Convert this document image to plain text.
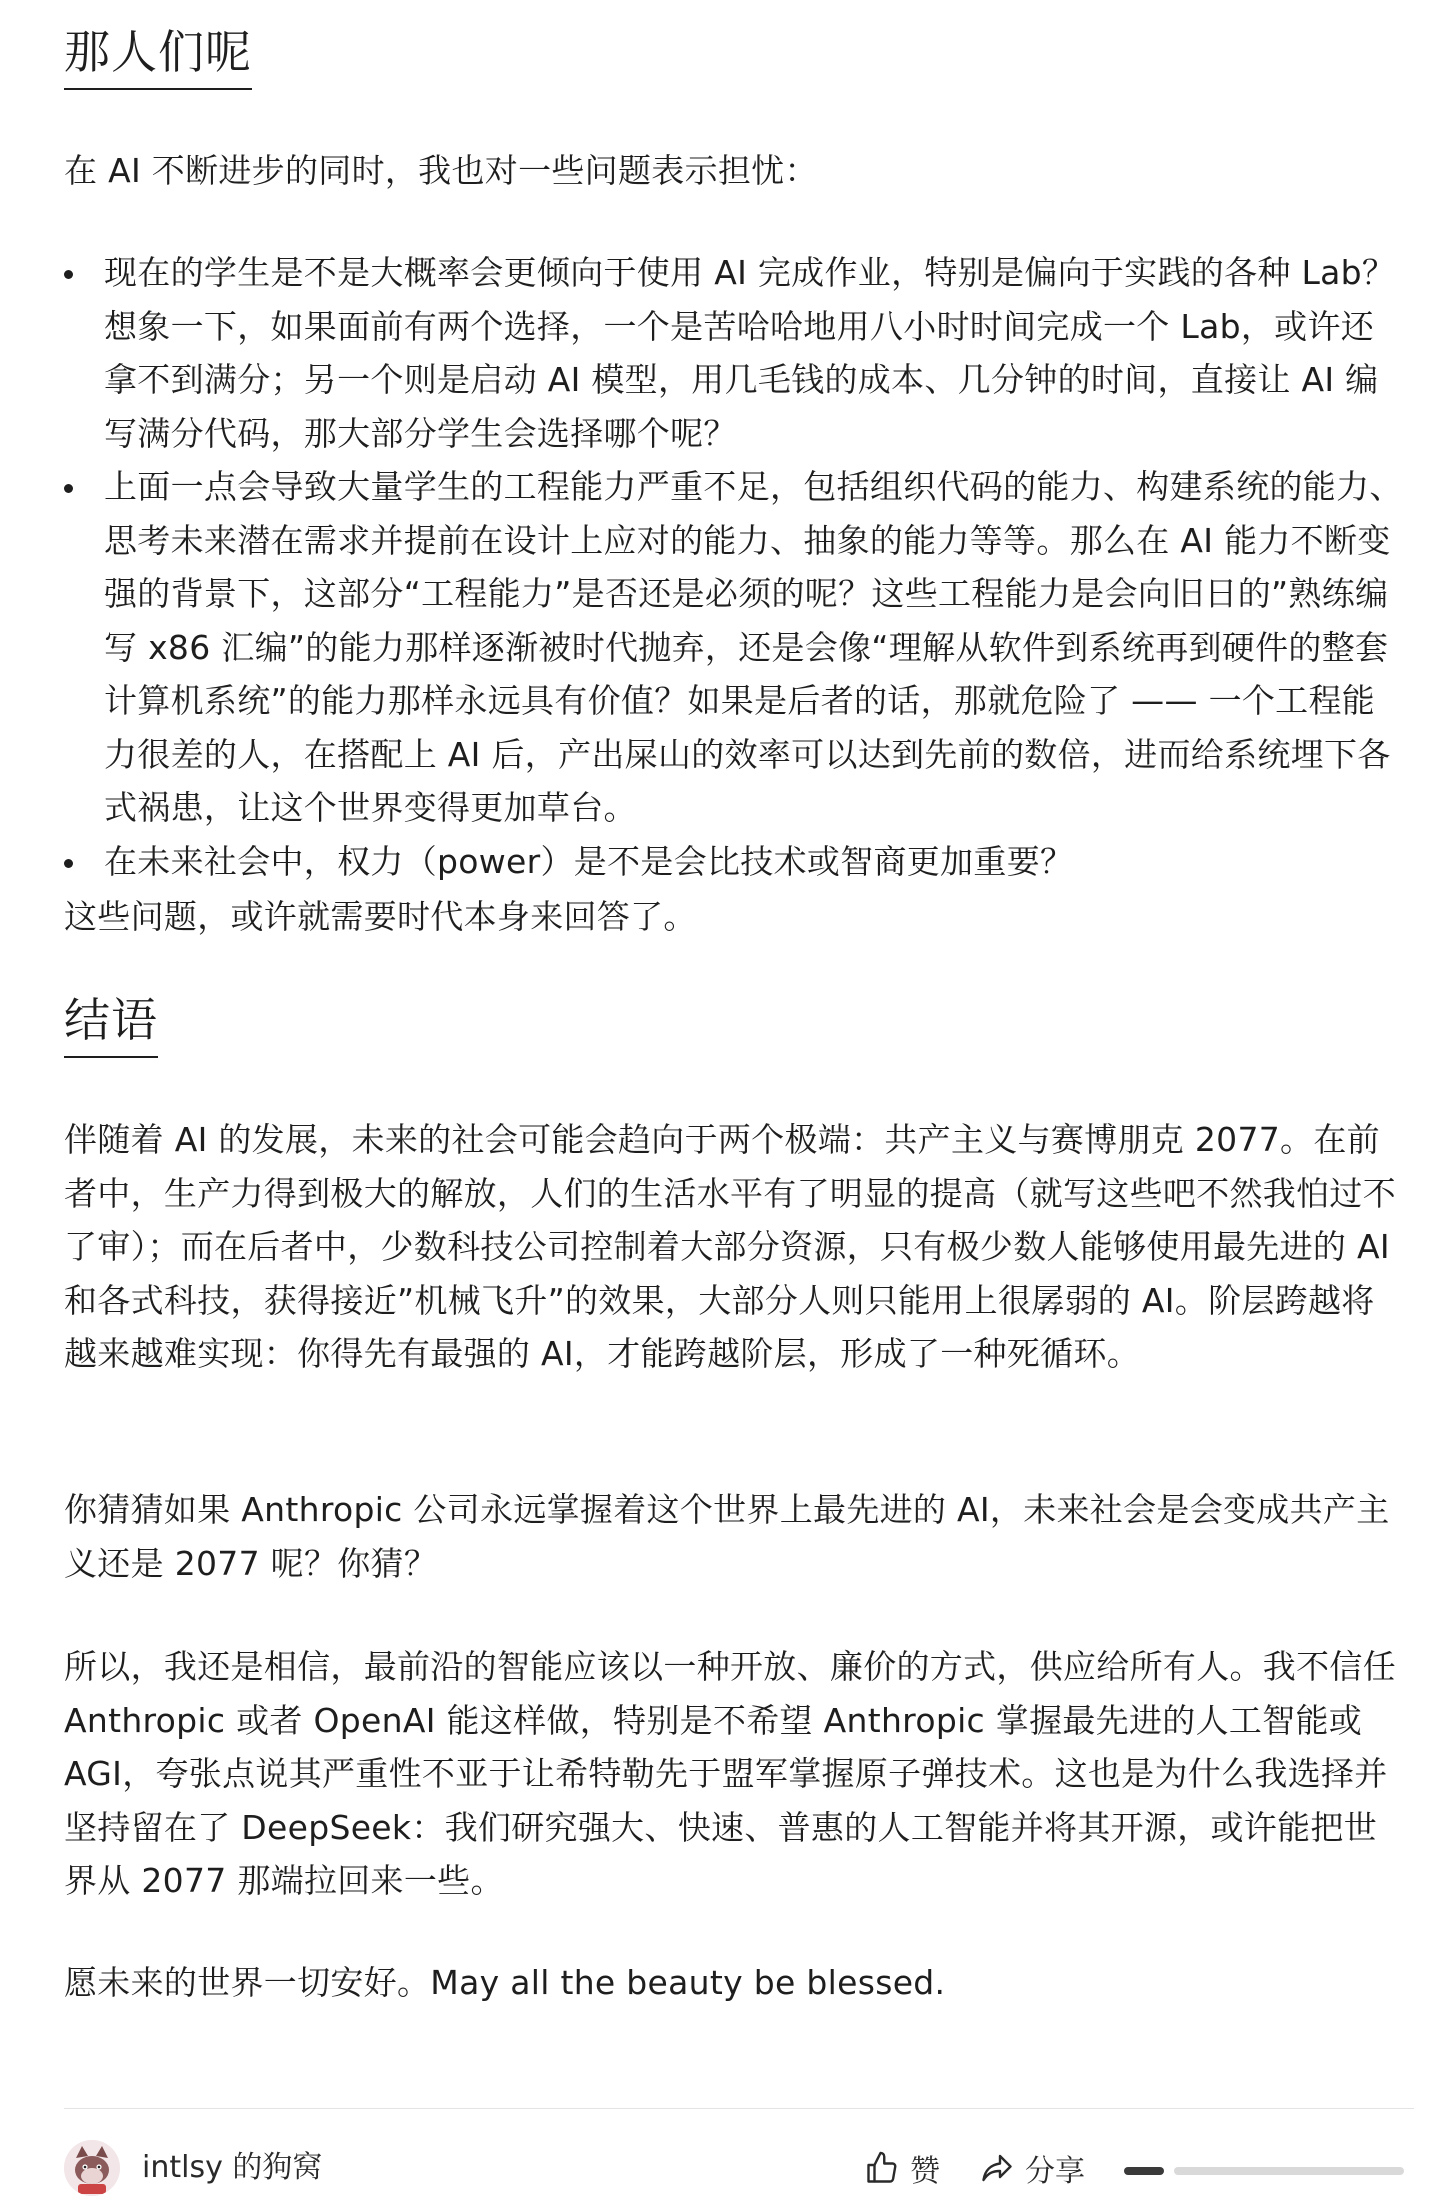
那人们呢

在 AI 不断进步的同时，我也对一些问题表示担忧：

现在的学生是不是大概率会更倾向于使用 AI 完成作业，特别是偏向于实践的各种 Lab？想象一下，如果面前有两个选择，一个是苦哈哈地用八小时时间完成一个 Lab，或许还拿不到满分；另一个则是启动 AI 模型，用几毛钱的成本、几分钟的时间，直接让 AI 编写满分代码，那大部分学生会选择哪个呢？
上面一点会导致大量学生的工程能力严重不足，包括组织代码的能力、构建系统的能力、思考未来潜在需求并提前在设计上应对的能力、抽象的能力等等。那么在 AI 能力不断变强的背景下，这部分“工程能力”是否还是必须的呢？这些工程能力是会向旧日的”熟练编写 x86 汇编”的能力那样逐渐被时代抛弃，还是会像“理解从软件到系统再到硬件的整套计算机系统”的能力那样永远具有价值？如果是后者的话，那就危险了 —— 一个工程能力很差的人，在搭配上 AI 后，产出屎山的效率可以达到先前的数倍，进而给系统埋下各式祸患，让这个世界变得更加草台。
在未来社会中，权力（power）是不是会比技术或智商更加重要？

这些问题，或许就需要时代本身来回答了。

结语

伴随着 AI 的发展，未来的社会可能会趋向于两个极端：共产主义与赛博朋克 2077。在前者中，生产力得到极大的解放，人们的生活水平有了明显的提高（就写这些吧不然我怕过不了审）；而在后者中，少数科技公司控制着大部分资源，只有极少数人能够使用最先进的 AI 和各式科技，获得接近”机械飞升”的效果，大部分人则只能用上很孱弱的 AI。阶层跨越将越来越难实现：你得先有最强的 AI，才能跨越阶层，形成了一种死循环。

你猜猜如果 Anthropic 公司永远掌握着这个世界上最先进的 AI，未来社会是会变成共产主义还是 2077 呢？你猜？

所以，我还是相信，最前沿的智能应该以一种开放、廉价的方式，供应给所有人。我不信任 Anthropic 或者 OpenAI 能这样做，特别是不希望 Anthropic 掌握最先进的人工智能或 AGI，夸张点说其严重性不亚于让希特勒先于盟军掌握原子弹技术。这也是为什么我选择并坚持留在了 DeepSeek：我们研究强大、快速、普惠的人工智能并将其开源，或许能把世界从 2077 那端拉回来一些。

愿未来的世界一切安好。May all the beauty be blessed.

intlsy 的狗窝	赞	分享
